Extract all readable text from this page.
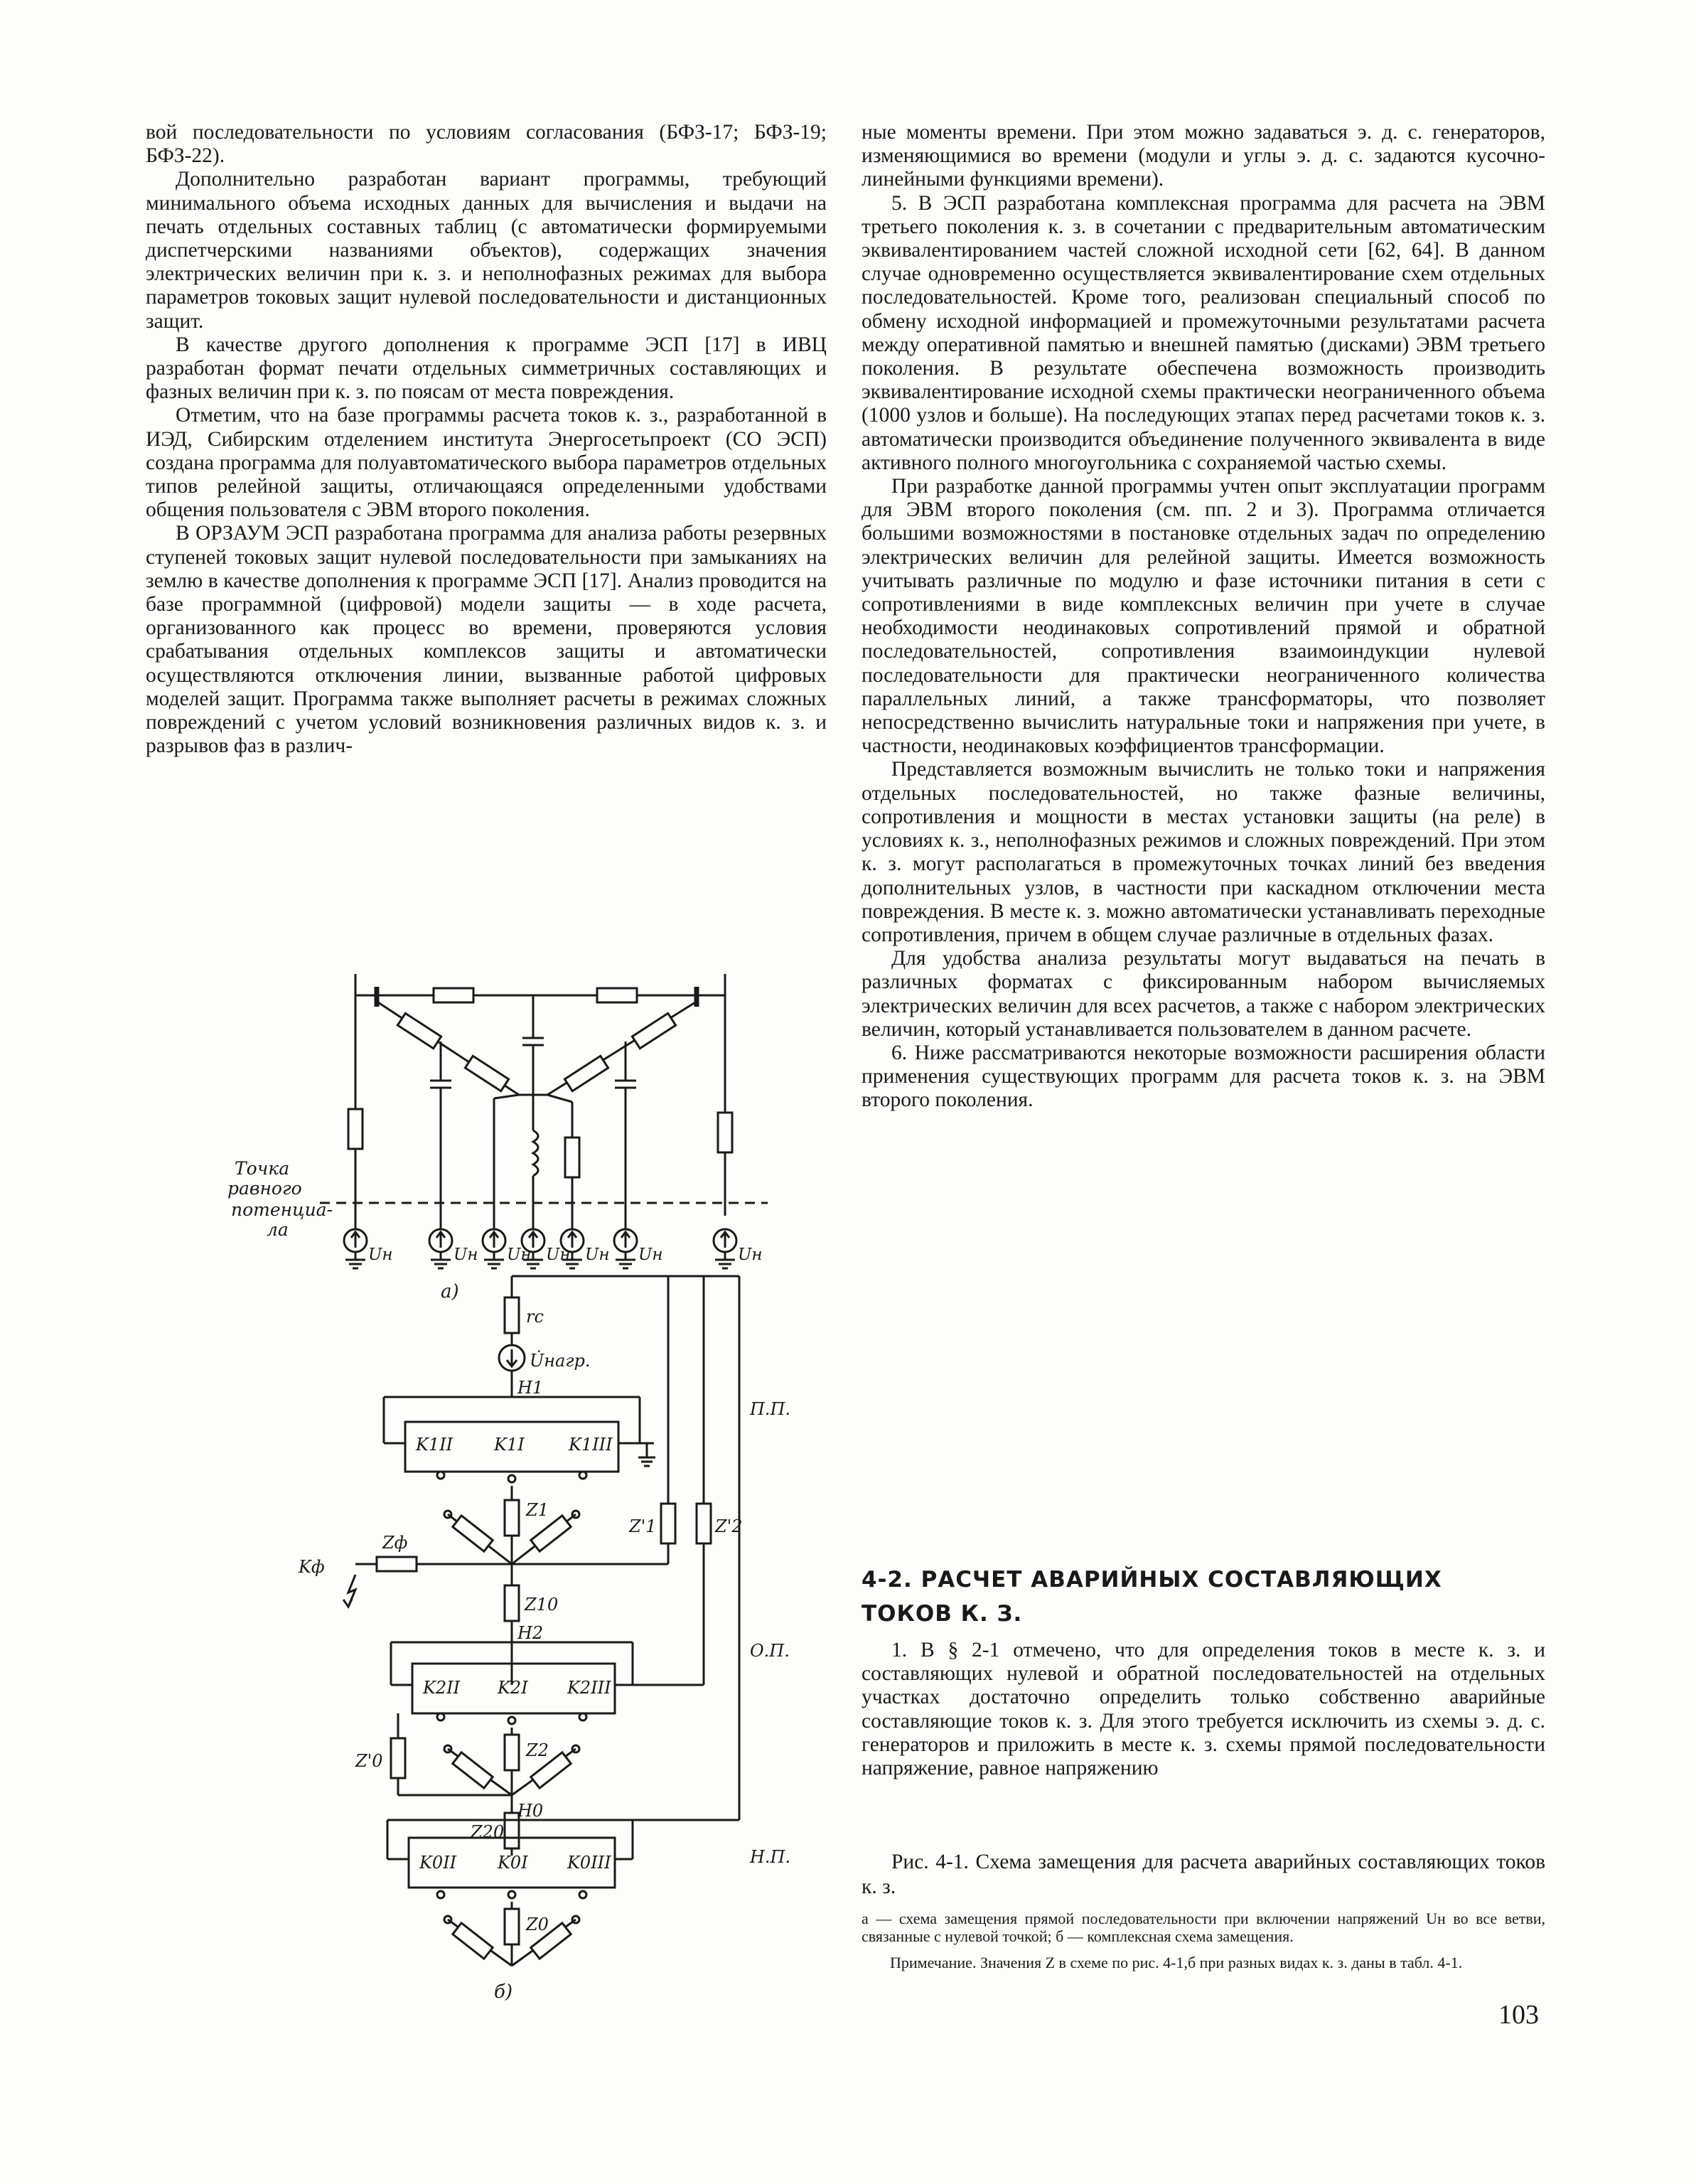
вой последовательности по условиям согласования (БФЗ-17; БФЗ-19; БФЗ-22).

Дополнительно разработан вариант программы, требующий минимального объема исходных данных для вычисления и выдачи на печать отдельных составных таблиц (с автоматически формируемыми диспетчерскими названиями объектов), содержащих значения электрических величин при к. з. и неполнофазных режимах для выбора параметров токовых защит нулевой последовательности и дистанционных защит.

В качестве другого дополнения к программе ЭСП [17] в ИВЦ разработан формат печати отдельных симметричных составляющих и фазных величин при к. з. по поясам от места повреждения.

Отметим, что на базе программы расчета токов к. з., разработанной в ИЭД, Сибирским отделением института Энергосетьпроект (СО ЭСП) создана программа для полуавтоматического выбора параметров отдельных типов релейной защиты, отличающаяся определенными удобствами общения пользователя с ЭВМ второго поколения.

В ОРЗАУМ ЭСП разработана программа для анализа работы резервных ступеней токовых защит нулевой последовательности при замыканиях на землю в качестве дополнения к программе ЭСП [17]. Анализ проводится на базе программной (цифровой) модели защиты — в ходе расчета, организованного как процесс во времени, проверяются условия срабатывания отдельных комплексов защиты и автоматически осуществляются отключения линии, вызванные работой цифровых моделей защит. Программа также выполняет расчеты в режимах сложных повреждений с учетом условий возникновения различных видов к. з. и разрывов фаз в различ-

ные моменты времени. При этом можно задаваться э. д. с. генераторов, изменяющимися во времени (модули и углы э. д. с. задаются кусочно-линейными функциями времени).

5. В ЭСП разработана комплексная программа для расчета на ЭВМ третьего поколения к. з. в сочетании с предварительным автоматическим эквивалентированием частей сложной исходной сети [62, 64]. В данном случае одновременно осуществляется эквивалентирование схем отдельных последовательностей. Кроме того, реализован специальный способ по обмену исходной информацией и промежуточными результатами расчета между оперативной памятью и внешней памятью (дисками) ЭВМ третьего поколения. В результате обеспечена возможность производить эквивалентирование исходной схемы практически неограниченного объема (1000 узлов и больше). На последующих этапах перед расчетами токов к. з. автоматически производится объединение полученного эквивалента в виде активного полного многоугольника с сохраняемой частью схемы.

При разработке данной программы учтен опыт эксплуатации программ для ЭВМ второго поколения (см. пп. 2 и 3). Программа отличается большими возможностями в постановке отдельных задач по определению электрических величин для релейной защиты. Имеется возможность учитывать различные по модулю и фазе источники питания в сети с сопротивлениями в виде комплексных величин при учете в случае необходимости неодинаковых сопротивлений прямой и обратной последовательностей, сопротивления взаимоиндукции нулевой последовательности для практически неограниченного количества параллельных линий, а также трансформаторы, что позволяет непосредственно вычислить натуральные токи и напряжения при учете, в частности, неодинаковых коэффициентов трансформации.

Представляется возможным вычислить не только токи и напряжения отдельных последовательностей, но также фазные величины, сопротивления и мощности в местах установки защиты (на реле) в условиях к. з., неполнофазных режимов и сложных повреждений. При этом к. з. могут располагаться в промежуточных точках линий без введения дополнительных узлов, в частности при каскадном отключении места повреждения. В месте к. з. можно автоматически устанавливать переходные сопротивления, причем в общем случае различные в отдельных фазах.

Для удобства анализа результаты могут выдаваться на печать в различных форматах с фиксированным набором вычисляемых электрических величин для всех расчетов, а также с набором электрических величин, который устанавливается пользователем в данном расчете.

6. Ниже рассматриваются некоторые возможности расширения области применения существующих программ для расчета токов к. з. на ЭВМ второго поколения.

4-2. РАСЧЕТ АВАРИЙНЫХ СОСТАВЛЯЮЩИХ
ТОКОВ К. З.

1. В § 2-1 отмечено, что для определения токов в месте к. з. и составляющих нулевой и обратной последовательностей на отдельных участках достаточно определить только собственно аварийные составляющие токов к. з. Для этого требуется исключить из схемы э. д. с. генераторов и приложить в месте к. з. схемы прямой последовательности напряжение, равное напряжению

Рис. 4-1. Схема замещения для расчета аварийных составляющих токов к. з.

а — схема замещения прямой последовательности при включении напряжений Uн во все ветви, связанные с нулевой точкой; б — комплексная схема замещения.

Примечание. Значения Z в схеме по рис. 4-1,б при разных видах к. з. даны в табл. 4-1.

103
Точка
равного
потенциа-
ла
Uн	Uн Uн Uн Uн Uн	Uн
а)
rс
U̇нагр.
H1
K1II K1I	K1III
Z1
Z'1	Z'2
П.П.
Zф
Kф
Z10
H2
K2II K2I K2III
О.П.
Z2
Z'0
Z20
H0
K0II K0I K0III	Н.П.
Z0
б)
